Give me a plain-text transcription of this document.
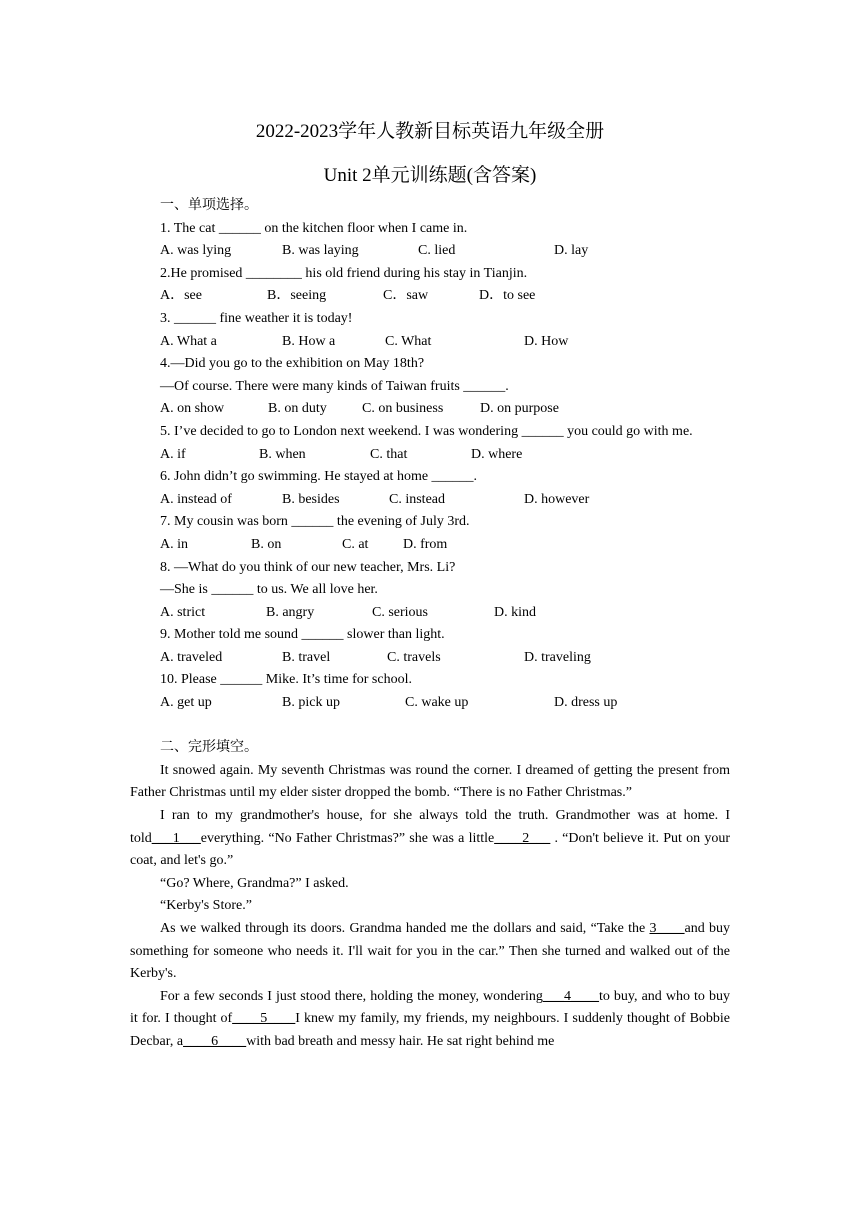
2022-2023学年人教新目标英语九年级全册
Unit 2单元训练题(含答案)
一、单项选择。
1. The cat ______ on the kitchen floor when I came in.
A. was lying	B. was laying	C. lied	D. lay
2.He promised ________ his old friend during his stay in Tianjin.
A．see	B．seeing	C．saw	D．to see
3. ______ fine weather it is today!
A. What a	B. How a	C. What	D. How
4.—Did you go to the exhibition on May 18th?
—Of course. There were many kinds of Taiwan fruits ______.
A. on show	B. on duty	C. on business	D. on purpose

5. I’ve decided to go to London next weekend. I was wondering ______ you could go with me.

A. if	B. when	C. that	D. where
6. John didn’t go swimming. He stayed at home ______.
A. instead of	B. besides	C. instead	D. however
7. My cousin was born ______ the evening of July 3rd.
A. in	B. on	C. at D. from
8. —What do you think of our new teacher, Mrs. Li?
—She is ______ to us. We all love her.
A. strict	B. angry	C. serious	D. kind
9. Mother told me sound ______ slower than light.
A. traveled	B. travel	C. travels	D. traveling
10. Please ______ Mike. It’s time for school.
A. get up	B. pick up	C. wake up	D. dress up
二、完形填空。

It snowed again. My seventh Christmas was round the corner. I dreamed of getting the present from Father Christmas until my elder sister dropped the bomb. “There is no Father Christmas.”

I ran to my grandmother's house, for she always told the truth. Grandmother was at home. I told___1___everything. “No Father Christmas?” she was a little____2___ . “Don't believe it. Put on your coat, and let's go.”

“Go? Where, Grandma?” I asked.

“Kerby's Store.”

As we walked through its doors. Grandma handed me the dollars and said, “Take the 3____and buy something for someone who needs it. I'll wait for you in the car.” Then she turned and walked out of the Kerby's.

For a few seconds I just stood there, holding the money, wondering___4____to buy, and who to buy it for. I thought of____5____I knew my family, my friends, my neighbours. I suddenly thought of Bobbie Decbar, a____6____with bad breath and messy hair. He sat right behind me
